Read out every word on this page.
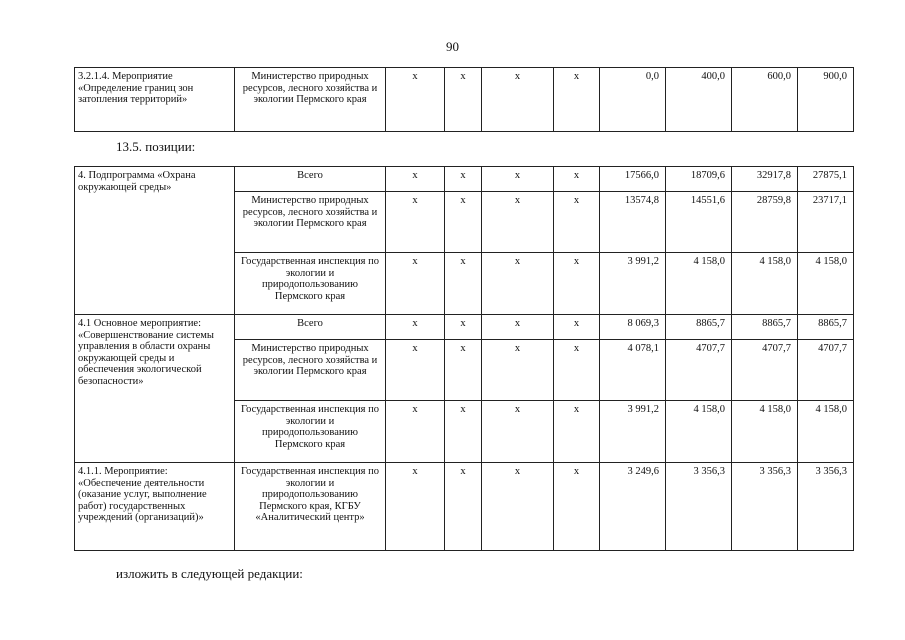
90
3.2.1.4. Мероприятие «Определение границ зон затопления территорий»	Министерство природных ресурсов, лесного хозяйства и экологии Пермского края	x	x	x	x	0,0	400,0	600,0	900,0
13.5. позиции:
4. Подпрограмма «Охрана окружающей среды»	Всего	x	x	x	x	17566,0	18709,6	32917,8	27875,1
	Министерство природных ресурсов, лесного хозяйства и экологии Пермского края	x	x	x	x	13574,8	14551,6	28759,8	23717,1
	Государственная инспекция по экологии и природопользованию Пермского края	x	x	x	x	3 991,2	4 158,0	4 158,0	4 158,0
4.1 Основное мероприятие: «Совершенствование системы управления в области охраны окружающей среды и обеспечения экологической безопасности»	Всего	x	x	x	x	8 069,3	8865,7	8865,7	8865,7
	Министерство природных ресурсов, лесного хозяйства и экологии Пермского края	x	x	x	x	4 078,1	4707,7	4707,7	4707,7
	Государственная инспекция по экологии и природопользованию Пермского края	x	x	x	x	3 991,2	4 158,0	4 158,0	4 158,0
4.1.1. Мероприятие: «Обеспечение деятельности (оказание услуг, выполнение работ) государственных учреждений (организаций)»	Государственная инспекция по экологии и природопользованию Пермского края, КГБУ «Аналитический центр»	x	x	x	x	3 249,6	3 356,3	3 356,3	3 356,3
изложить в следующей редакции:
